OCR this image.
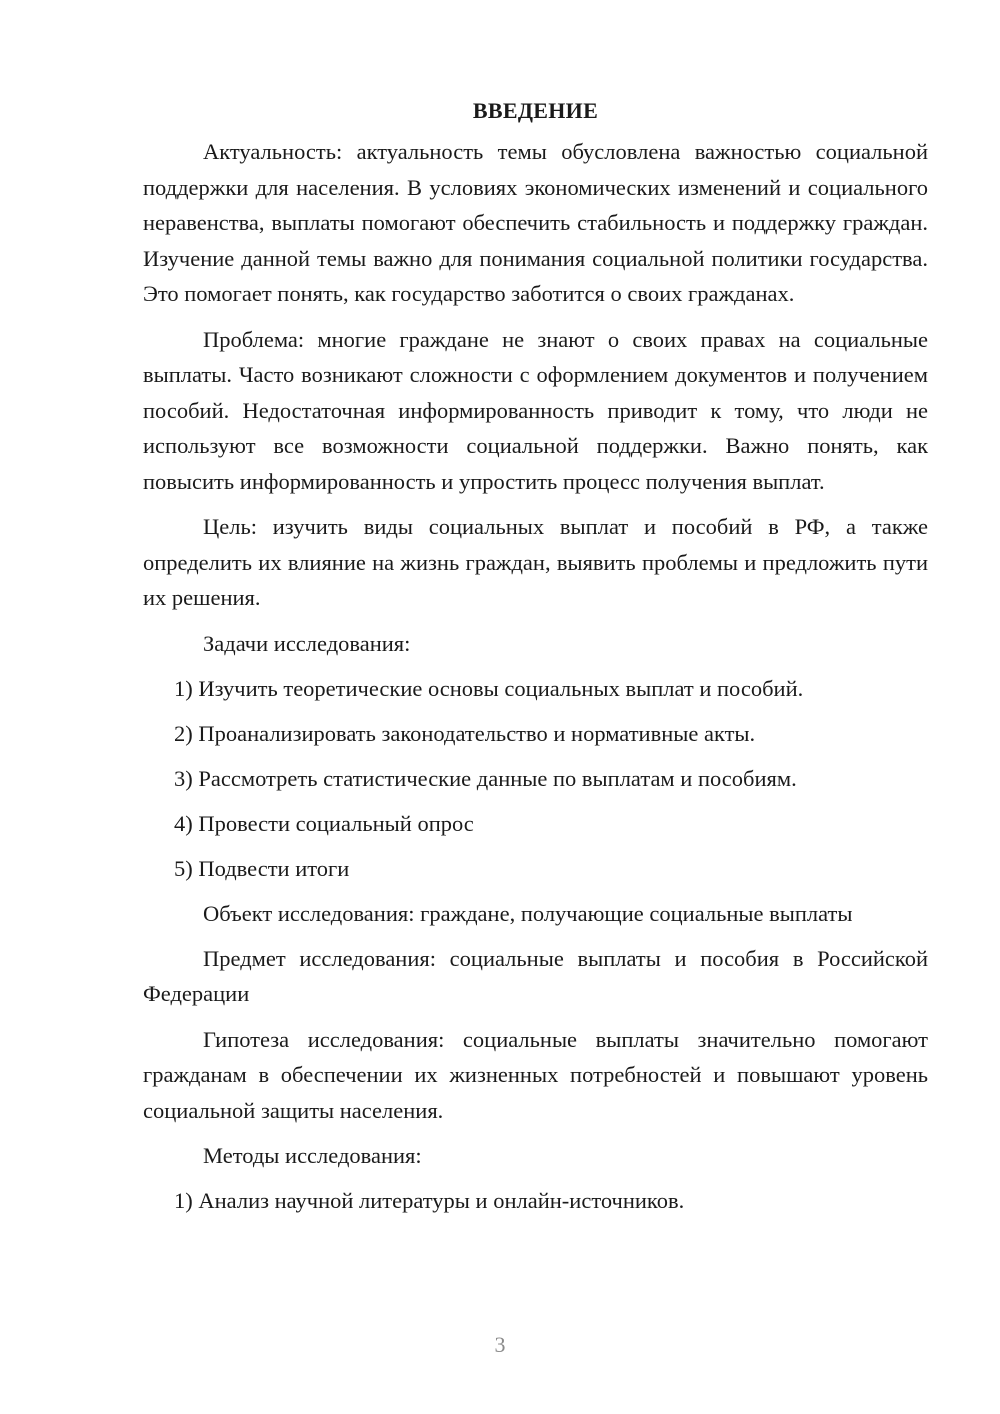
ВВЕДЕНИЕ

Актуальность: актуальность темы обусловлена важностью социальной поддержки для населения. В условиях экономических изменений и социального неравенства, выплаты помогают обеспечить стабильность и поддержку граждан. Изучение данной темы важно для понимания социальной политики государства. Это помогает понять, как государство заботится о своих гражданах.

Проблема: многие граждане не знают о своих правах на социальные выплаты. Часто возникают сложности с оформлением документов и получением пособий. Недостаточная информированность приводит к тому, что люди не используют все возможности социальной поддержки. Важно понять, как повысить информированность и упростить процесс получения выплат.

Цель: изучить виды социальных выплат и пособий в РФ, а также определить их влияние на жизнь граждан, выявить проблемы и предложить пути их решения.

Задачи исследования:
1) Изучить теоретические основы социальных выплат и пособий.
2) Проанализировать законодательство и нормативные акты.
3) Рассмотреть статистические данные по выплатам и пособиям.
4) Провести социальный опрос
5) Подвести итоги
Объект исследования: граждане, получающие социальные выплаты

Предмет исследования: социальные выплаты и пособия в Российской Федерации

Гипотеза исследования: социальные выплаты значительно помогают гражданам в обеспечении их жизненных потребностей и повышают уровень социальной защиты населения.

Методы исследования:
1) Анализ научной литературы и онлайн-источников.
3
